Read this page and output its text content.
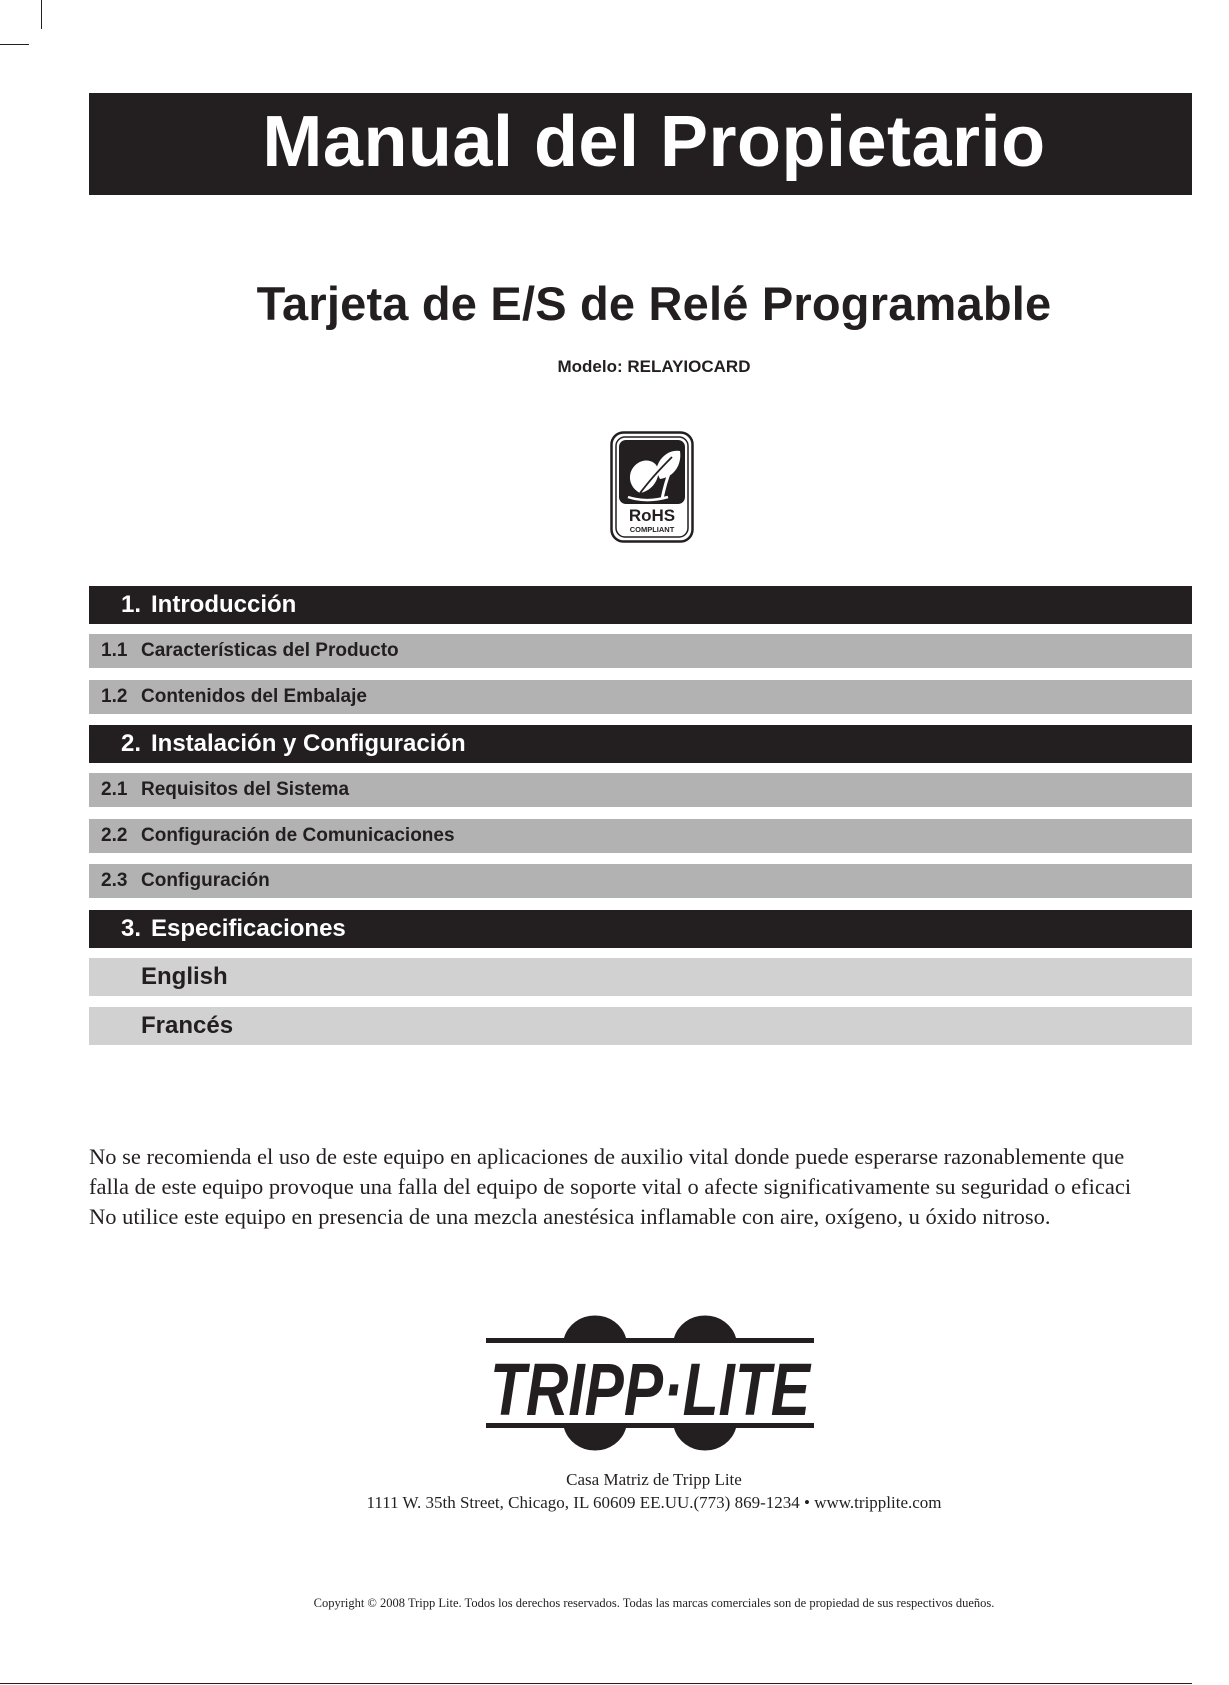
Manual del Propietario
Tarjeta de E/S de Relé Programable
Modelo: RELAYIOCARD
RoHS
COMPLIANT
1. Introducción
1.1 Características del Producto
1.2 Contenidos del Embalaje
2. Instalación y Configuración
2.1 Requisitos del Sistema
2.2 Configuración de Comunicaciones
2.3 Configuración
3. Especificaciones
English
Francés

No se recomienda el uso de este equipo en aplicaciones de auxilio vital donde puede esperarse razonablemente que
falla de este equipo provoque una falla del equipo de soporte vital o afecte significativamente su seguridad o eficaci
No utilice este equipo en presencia de una mezcla anestésica inflamable con aire, oxígeno, u óxido nitroso.

TRIPP·LITE
Casa Matriz de Tripp Lite
1111 W. 35th Street, Chicago, IL 60609 EE.UU.(773) 869-1234 • www.tripplite.com
Copyright © 2008 Tripp Lite. Todos los derechos reservados. Todas las marcas comerciales son de propiedad de sus respectivos dueños.
